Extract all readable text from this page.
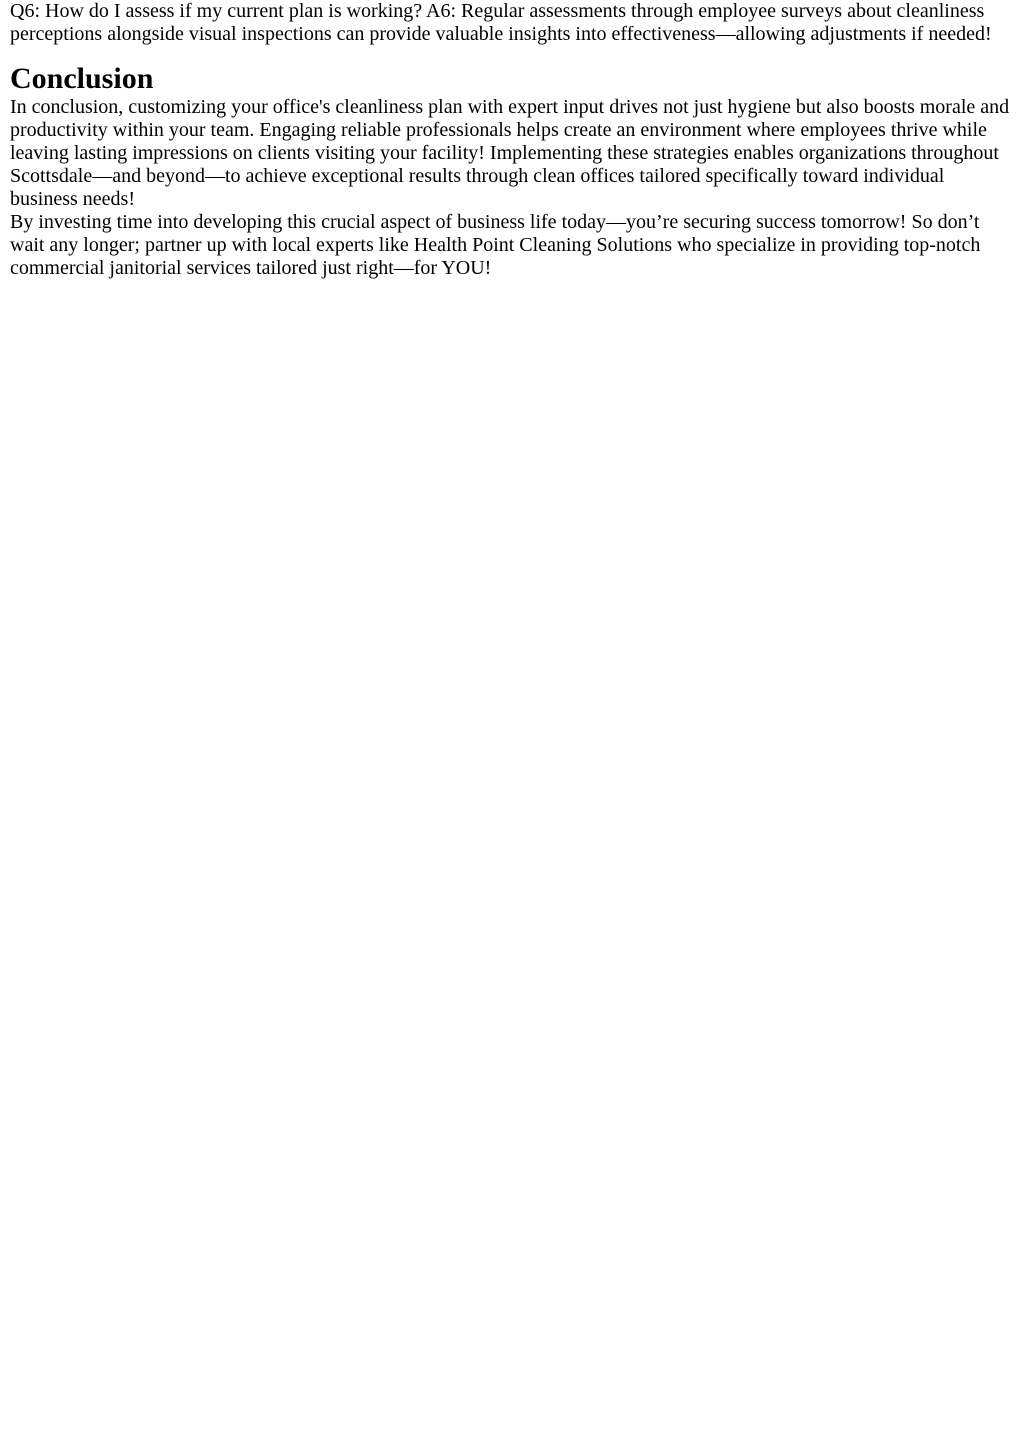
Q6: How do I assess if my current plan is working? A6: Regular assessments through employee surveys about cleanliness perceptions alongside visual inspections can provide valuable insights into effectiveness—allowing adjustments if needed!

Conclusion

In conclusion, customizing your office's cleanliness plan with expert input drives not just hygiene but also boosts morale and productivity within your team. Engaging reliable professionals helps create an environment where employees thrive while leaving lasting impressions on clients visiting your facility! Implementing these strategies enables organizations throughout Scottsdale—and beyond—to achieve exceptional results through clean offices tailored specifically toward individual business needs!

By investing time into developing this crucial aspect of business life today—you’re securing success tomorrow! So don’t wait any longer; partner up with local experts like Health Point Cleaning Solutions who specialize in providing top-notch commercial janitorial services tailored just right—for YOU!
